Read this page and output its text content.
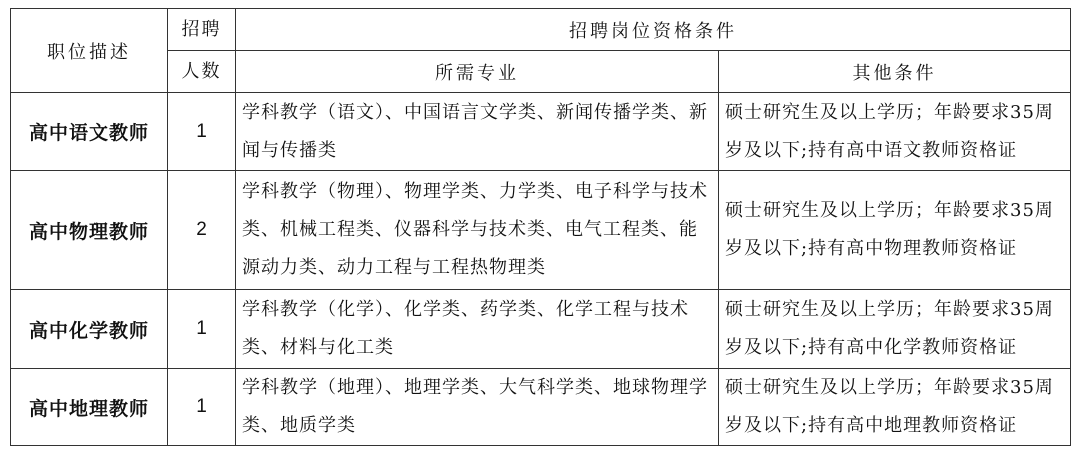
职位描述	招聘	招聘岗位资格条件	
	人数	所需专业	其他条件
高中语文教师	1	学科教学（语文）、中国语言文学类、新闻传播学类、新闻与传播类	硕士研究生及以上学历；年龄要求35周岁及以下;持有高中语文教师资格证
高中物理教师	2	学科教学（物理）、物理学类、力学类、电子科学与技术类、机械工程类、仪器科学与技术类、电气工程类、能源动力类、动力工程与工程热物理类	硕士研究生及以上学历；年龄要求35周岁及以下;持有高中物理教师资格证
高中化学教师	1	学科教学（化学）、化学类、药学类、化学工程与技术类、材料与化工类	硕士研究生及以上学历；年龄要求35周岁及以下;持有高中化学教师资格证
高中地理教师	1	学科教学（地理）、地理学类、大气科学类、地球物理学类、地质学类	硕士研究生及以上学历；年龄要求35周岁及以下;持有高中地理教师资格证
